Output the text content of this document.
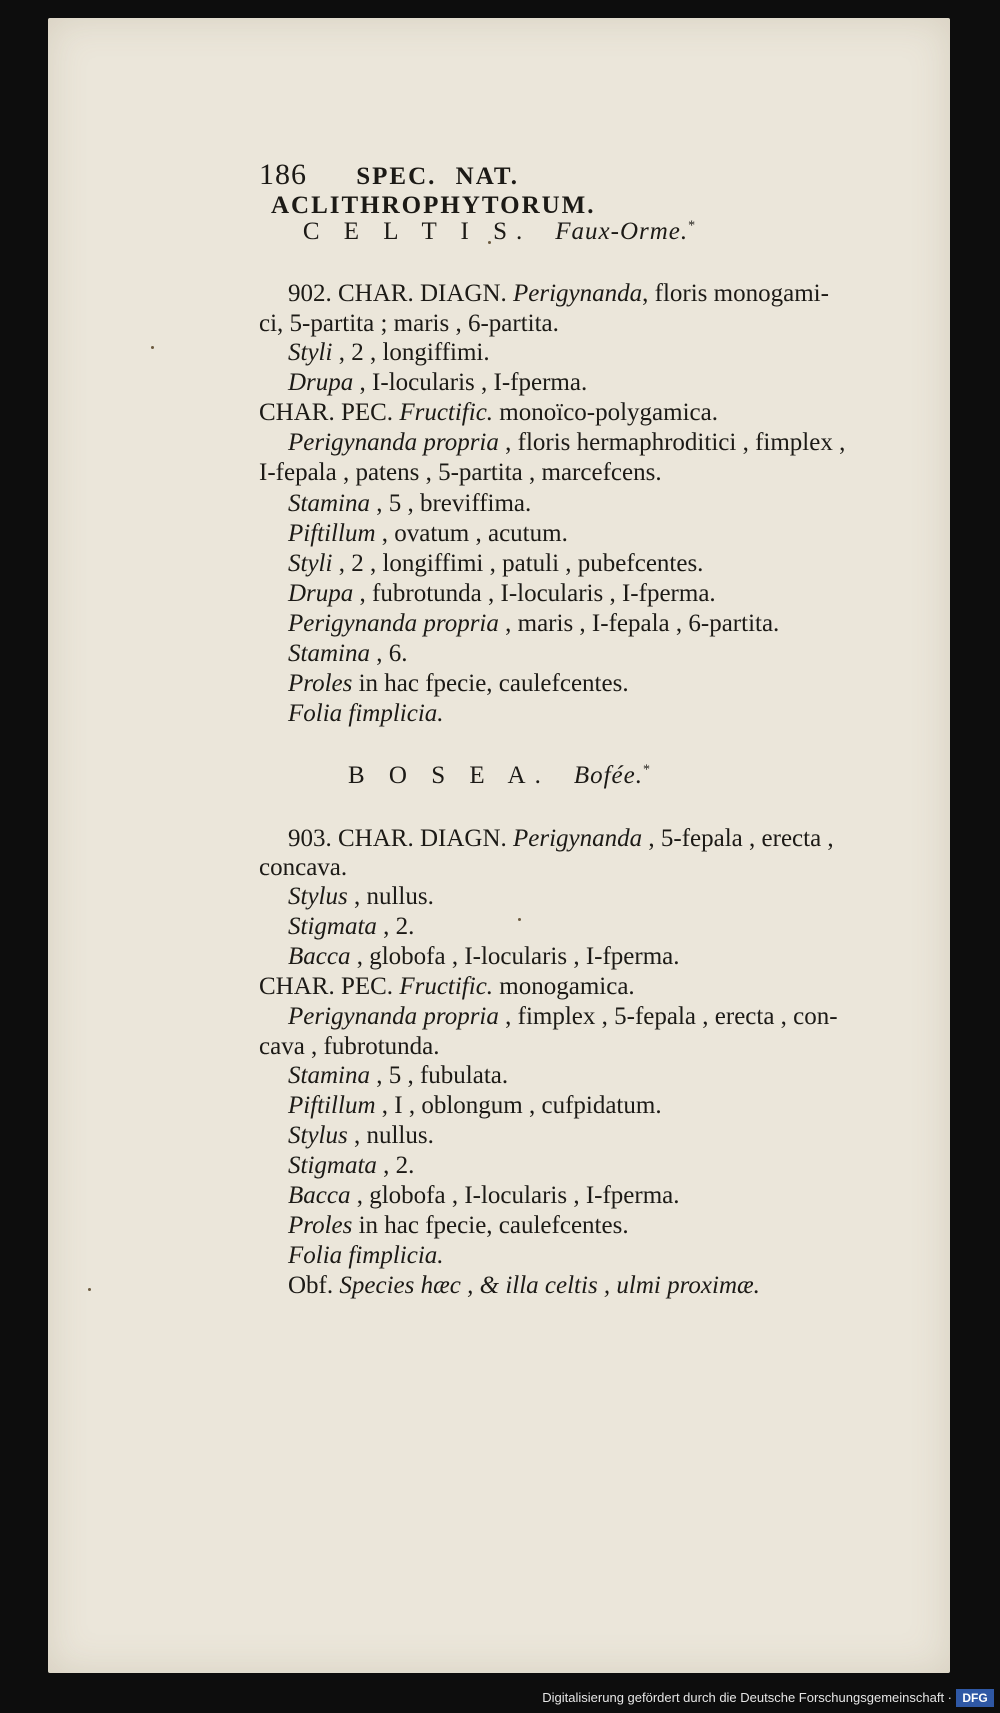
186 SPEC. NAT. ACLITHROPHYTORUM.
C E L T I S. Faux-Orme.*
902. CHAR. DIAGN. Perigynanda, floris monogami-
ci, 5-partita ; maris , 6-partita.
Styli , 2 , longiffimi.
Drupa , I-locularis , I-fperma.
CHAR. PEC. Fructific. monoïco-polygamica.
Perigynanda propria , floris hermaphroditici , fimplex ,
I-fepala , patens , 5-partita , marcefcens.
Stamina , 5 , breviffima.
Piftillum , ovatum , acutum.
Styli , 2 , longiffimi , patuli , pubefcentes.
Drupa , fubrotunda , I-locularis , I-fperma.
Perigynanda propria , maris , I-fepala , 6-partita.
Stamina , 6.
Proles in hac fpecie, caulefcentes.
Folia fimplicia.
B O S E A. Bofée.*
903. CHAR. DIAGN. Perigynanda , 5-fepala , erecta ,
concava.
Stylus , nullus.
Stigmata , 2.
Bacca , globofa , I-locularis , I-fperma.
CHAR. PEC. Fructific. monogamica.
Perigynanda propria , fimplex , 5-fepala , erecta , con-
cava , fubrotunda.
Stamina , 5 , fubulata.
Piftillum , I , oblongum , cufpidatum.
Stylus , nullus.
Stigmata , 2.
Bacca , globofa , I-locularis , I-fperma.
Proles in hac fpecie, caulefcentes.
Folia fimplicia.
Obf. Species hæc , & illa celtis , ulmi proximæ.
Digitalisierung gefördert durch die Deutsche Forschungsgemeinschaft · DFG
